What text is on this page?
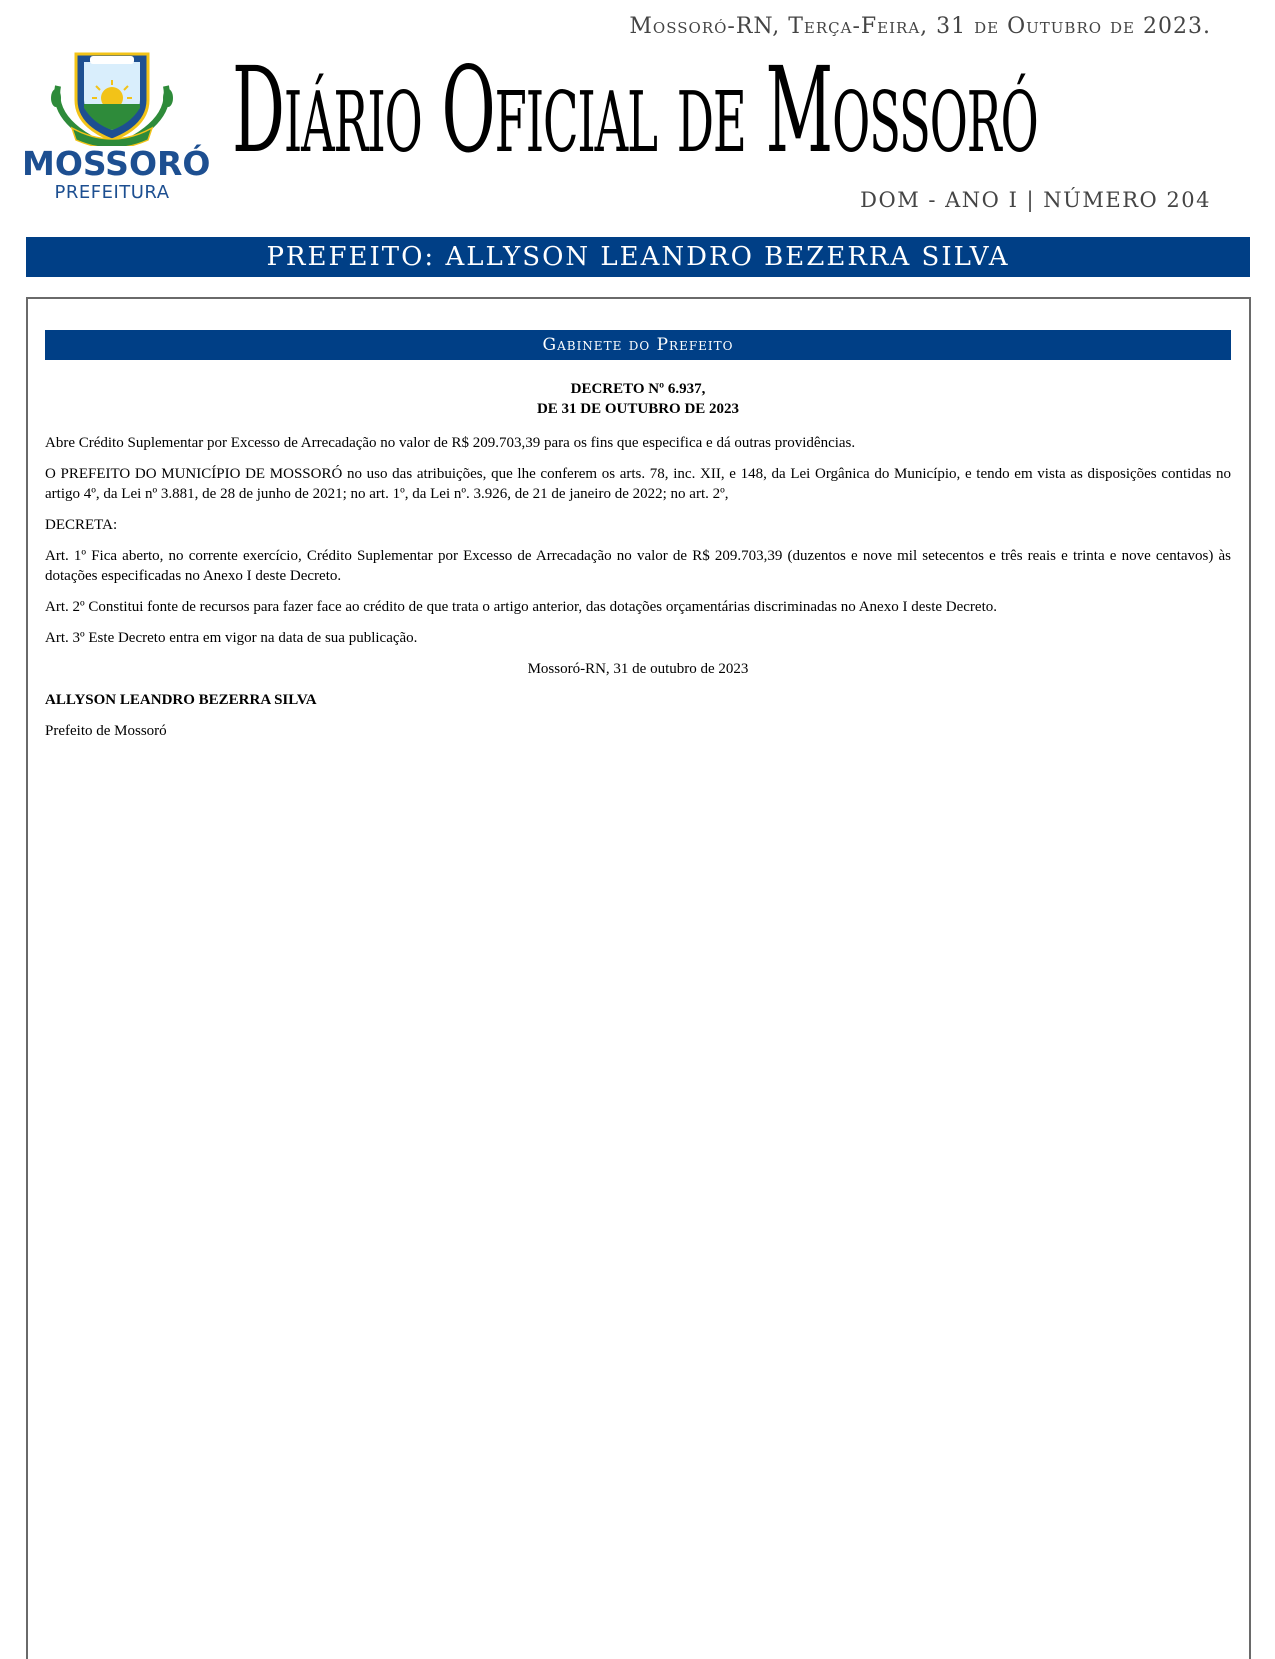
MOSSORÓ
PREFEITURA
Mossoró-RN, Terça-Feira, 31 de Outubro de 2023.
Diário Oficial de Mossoró
DOM - ANO I | NÚMERO 204
PREFEITO: ALLYSON LEANDRO BEZERRA SILVA
Gabinete do Prefeito
DECRETO Nº 6.937,
DE 31 DE OUTUBRO DE 2023

Abre Crédito Suplementar por Excesso de Arrecadação no valor de R$ 209.703,39 para os fins que especifica e dá outras providências.

O PREFEITO DO MUNICÍPIO DE MOSSORÓ no uso das atribuições, que lhe conferem os arts. 78, inc. XII, e 148, da Lei Orgânica do Município, e tendo em vista as disposições contidas no artigo 4º, da Lei nº 3.881, de 28 de junho de 2021; no art. 1º, da Lei nº. 3.926, de 21 de janeiro de 2022; no art. 2º,

DECRETA:

Art. 1º Fica aberto, no corrente exercício, Crédito Suplementar por Excesso de Arrecadação no valor de R$ 209.703,39 (duzentos e nove mil setecentos e três reais e trinta e nove centavos) às dotações especificadas no Anexo I deste Decreto.

Art. 2º Constitui fonte de recursos para fazer face ao crédito de que trata o artigo anterior, das dotações orçamentárias discriminadas no Anexo I deste Decreto.

Art. 3º Este Decreto entra em vigor na data de sua publicação.

Mossoró-RN, 31 de outubro de 2023

ALLYSON LEANDRO BEZERRA SILVA

Prefeito de Mossoró
